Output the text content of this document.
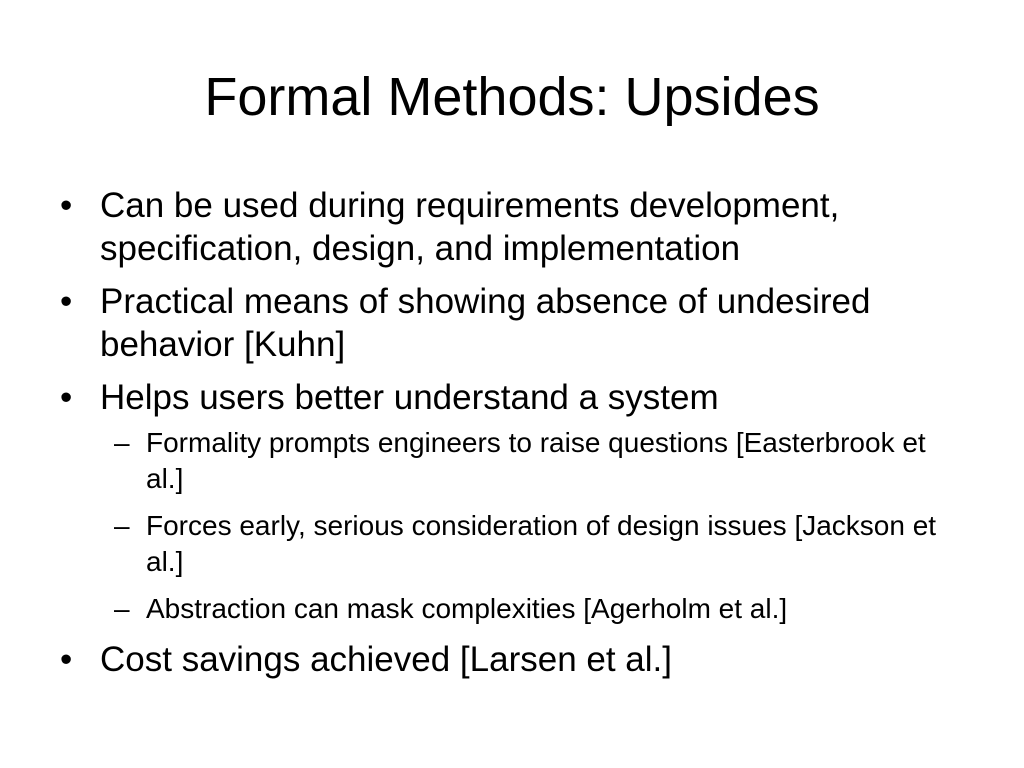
Formal Methods: Upsides
• Can be used during requirements development, specification, design, and implementation
• Practical means of showing absence of undesired behavior [Kuhn]
• Helps users better understand a system
– Formality prompts engineers to raise questions [Easterbrook et al.]
– Forces early, serious consideration of design issues [Jackson et al.]
– Abstraction can mask complexities [Agerholm et al.]
• Cost savings achieved [Larsen et al.]
